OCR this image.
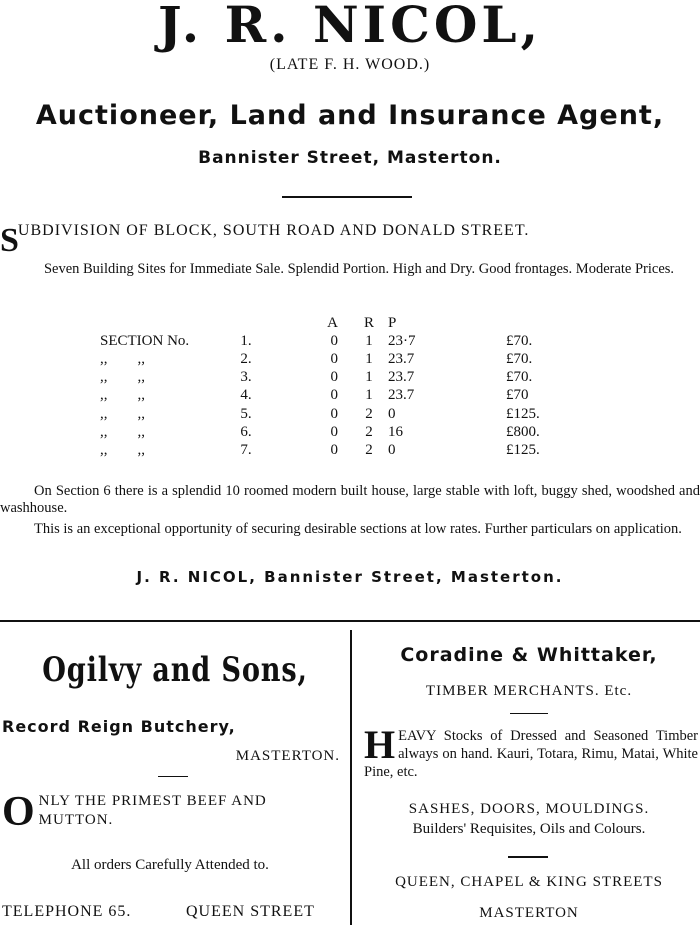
J. R. NICOL,
(LATE F. H. WOOD.)
Auctioneer, Land and Insurance Agent,
Bannister Street, Masterton.
SUBDIVISION OF BLOCK, SOUTH ROAD AND DONALD STREET.
Seven Building Sites for Immediate Sale. Splendid Portion. High and Dry. Good frontages. Moderate Prices.
		A	R	P	
SECTION No.	1.	0	1	23·7	£70.
,,        ,,	2.	0	1	23.7	£70.
,,        ,,	3.	0	1	23.7	£70.
,,        ,,	4.	0	1	23.7	£70
,,        ,,	5.	0	2	0	£125.
,,        ,,	6.	0	2	16	£800.
,,        ,,	7.	0	2	0	£125.
On Section 6 there is a splendid 10 roomed modern built house, large stable with loft, buggy shed, woodshed and washhouse.
This is an exceptional opportunity of securing desirable sections at low rates. Further particulars on application.
J. R. NICOL, Bannister Street, Masterton.
Ogilvy and Sons,
Record Reign Butchery,
MASTERTON.
ONLY THE PRIMEST BEEF AND MUTTON.
All orders Carefully Attended to.
TELEPHONE 65.	QUEEN STREET
Coradine & Whittaker,
TIMBER MERCHANTS. Etc.
HEAVY Stocks of Dressed and Seasoned Timber always on hand. Kauri, Totara, Rimu, Matai, White Pine, etc.
SASHES, DOORS, MOULDINGS.
Builders' Requisites, Oils and Colours.
QUEEN, CHAPEL & KING STREETS
MASTERTON
